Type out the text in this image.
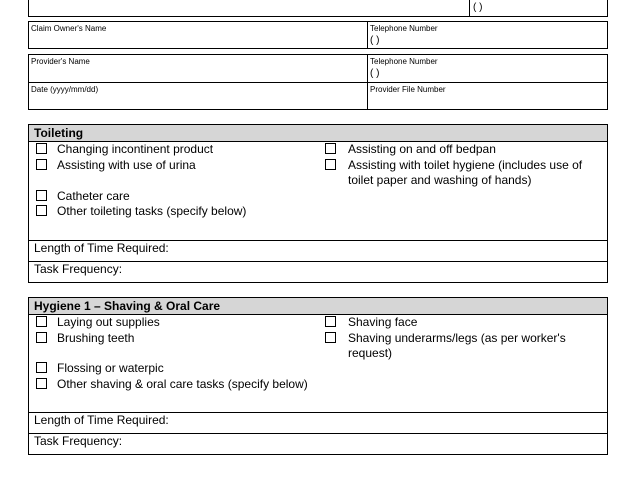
( )
Claim Owner's Name	Telephone Number
( )
Provider's Name	Telephone Number
( )
Date (yyyy/mm/dd)	Provider File Number
Toileting
Changing incontinent product
Assisting with use of urina
Catheter care
Other toileting tasks (specify below)
Assisting on and off bedpan
Assisting with toilet hygiene (includes use of
toilet paper and washing of hands)
Length of Time Required:
Task Frequency:
Hygiene 1 – Shaving & Oral Care
Laying out supplies
Brushing teeth
Flossing or waterpic
Other shaving & oral care tasks (specify below)
Shaving face
Shaving underarms/legs (as per worker's
request)
Length of Time Required:
Task Frequency:
